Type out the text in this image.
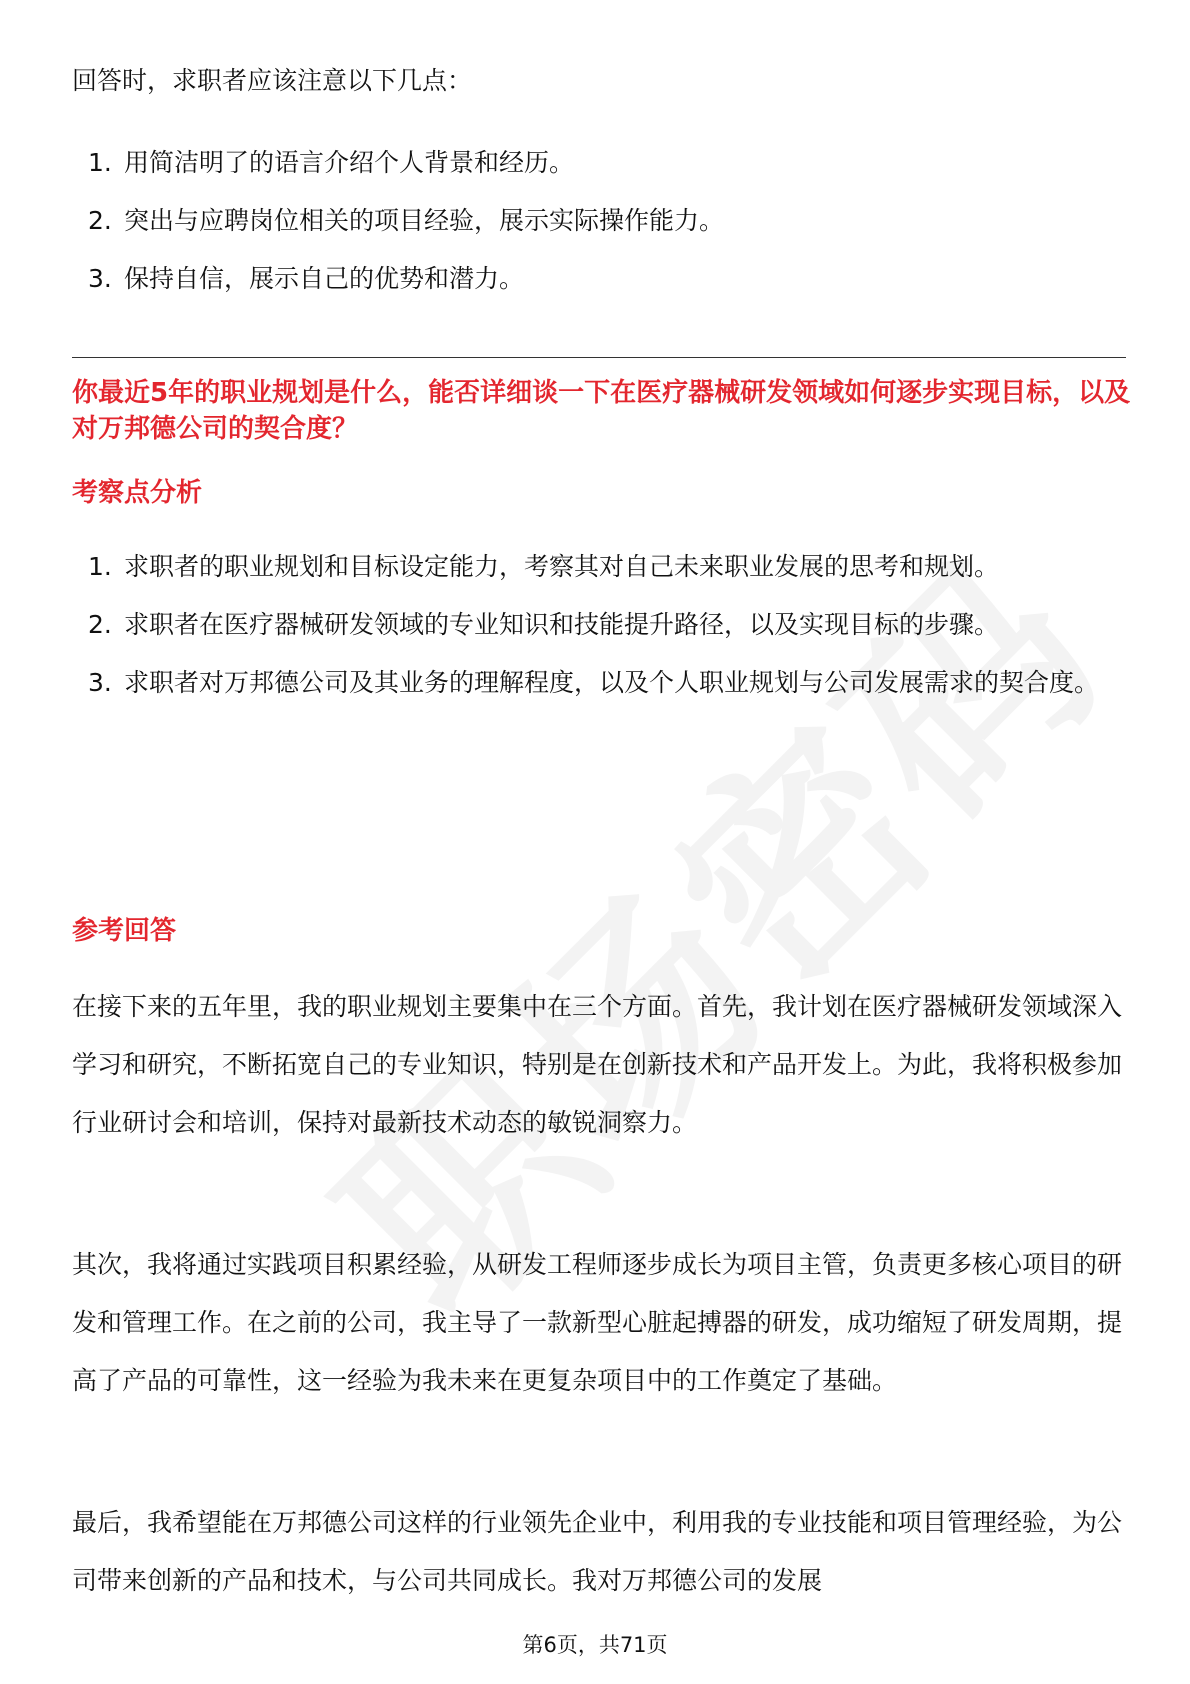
回答时，求职者应该注意以下几点：
1. 用简洁明了的语言介绍个人背景和经历。
2. 突出与应聘岗位相关的项目经验，展示实际操作能力。
3. 保持自信，展示自己的优势和潜力。
你最近5年的职业规划是什么，能否详细谈一下在医疗器械研发领域如何逐步实现目标，以及对万邦德公司的契合度？
考察点分析
1. 求职者的职业规划和目标设定能力，考察其对自己未来职业发展的思考和规划。
2. 求职者在医疗器械研发领域的专业知识和技能提升路径，以及实现目标的步骤。
3. 求职者对万邦德公司及其业务的理解程度，以及个人职业规划与公司发展需求的契合度。
参考回答
在接下来的五年里，我的职业规划主要集中在三个方面。首先，我计划在医疗器械研发领域深入学习和研究，不断拓宽自己的专业知识，特别是在创新技术和产品开发上。为此，我将积极参加行业研讨会和培训，保持对最新技术动态的敏锐洞察力。
其次，我将通过实践项目积累经验，从研发工程师逐步成长为项目主管，负责更多核心项目的研发和管理工作。在之前的公司，我主导了一款新型心脏起搏器的研发，成功缩短了研发周期，提高了产品的可靠性，这一经验为我未来在更复杂项目中的工作奠定了基础。
最后，我希望能在万邦德公司这样的行业领先企业中，利用我的专业技能和项目管理经验，为公司带来创新的产品和技术，与公司共同成长。我对万邦德公司的发展
第6页，共71页
